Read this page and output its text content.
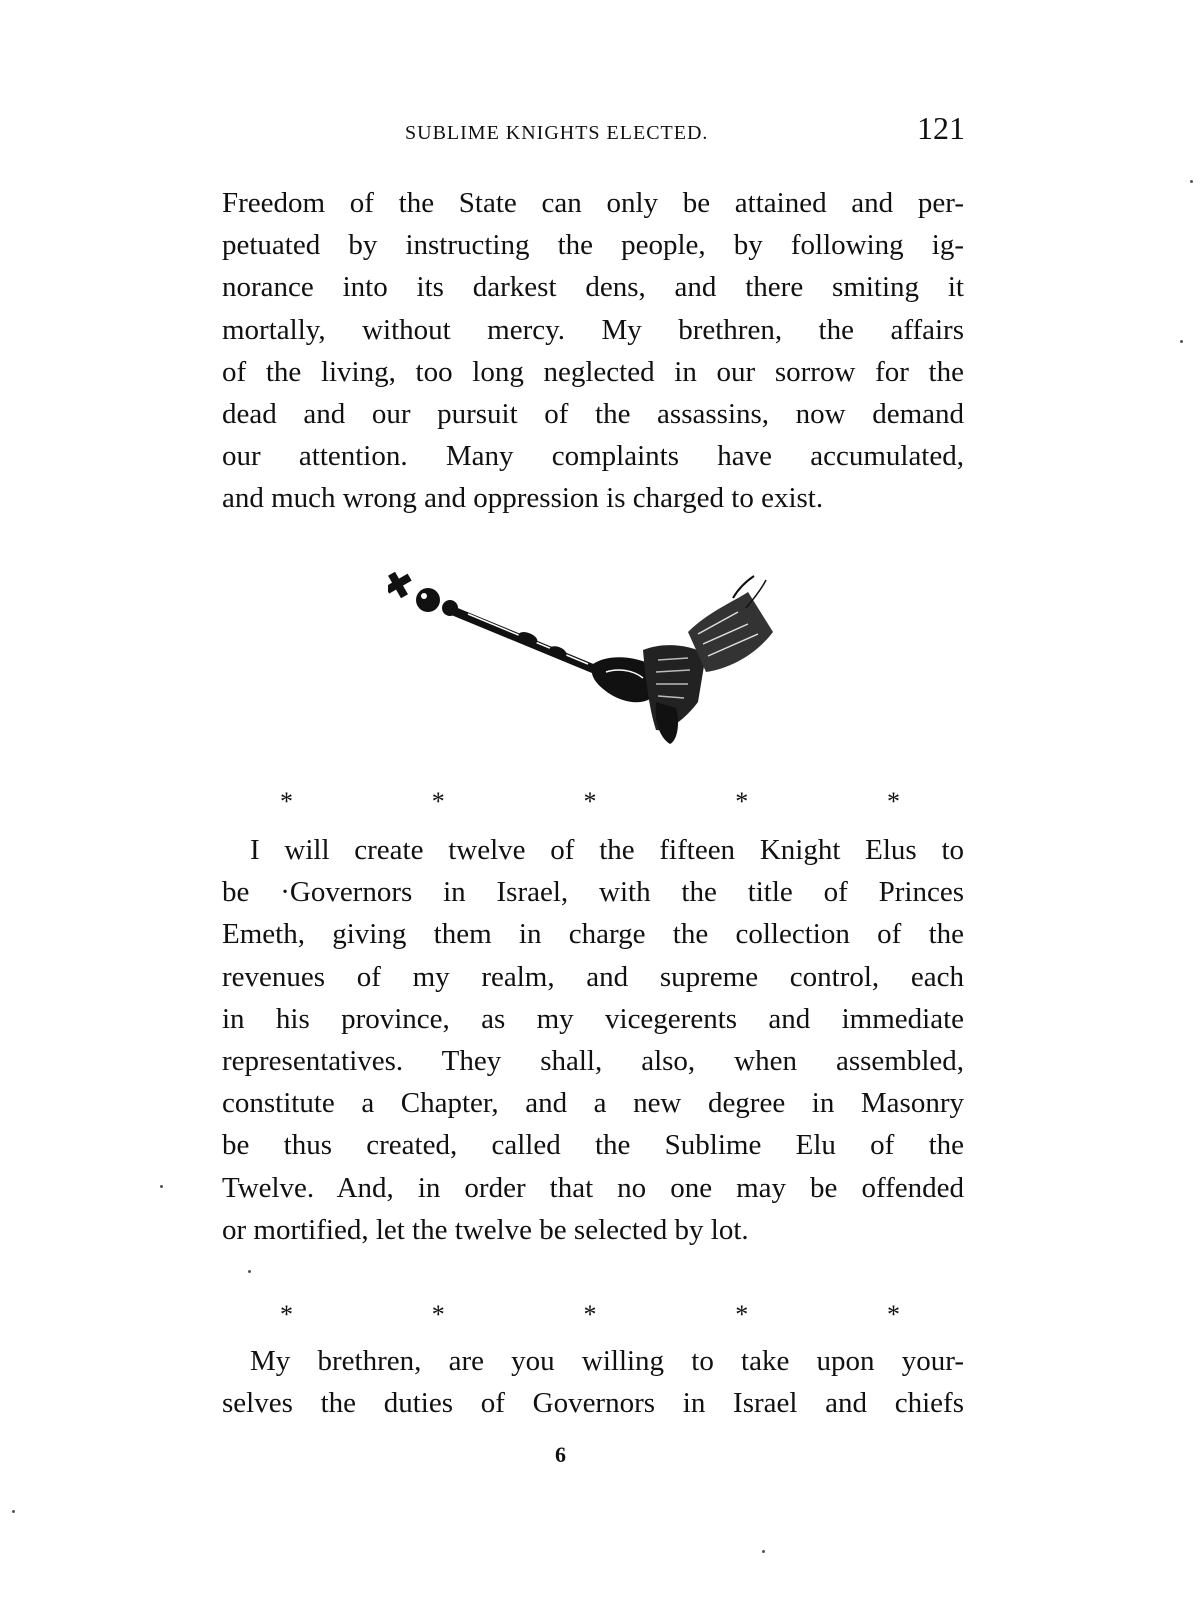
SUBLIME KNIGHTS ELECTED.	121
Freedom of the State can only be attained and per-
petuated by instructing the people, by following ig-
norance into its darkest dens, and there smiting it
mortally, without mercy. My brethren, the affairs
of the living, too long neglected in our sorrow for the
dead and our pursuit of the assassins, now demand
our attention. Many complaints have accumulated,
and much wrong and oppression is charged to exist.
*	*	*	*	*
I will create twelve of the fifteen Knight Elus to
be ·Governors in Israel, with the title of Princes
Emeth, giving them in charge the collection of the
revenues of my realm, and supreme control, each
in his province, as my vicegerents and immediate
representatives. They shall, also, when assembled,
constitute a Chapter, and a new degree in Masonry
be thus created, called the Sublime Elu of the
Twelve. And, in order that no one may be offended
or mortified, let the twelve be selected by lot.
*	*	*	*	*
My brethren, are you willing to take upon your-
selves the duties of Governors in Israel and chiefs
6
